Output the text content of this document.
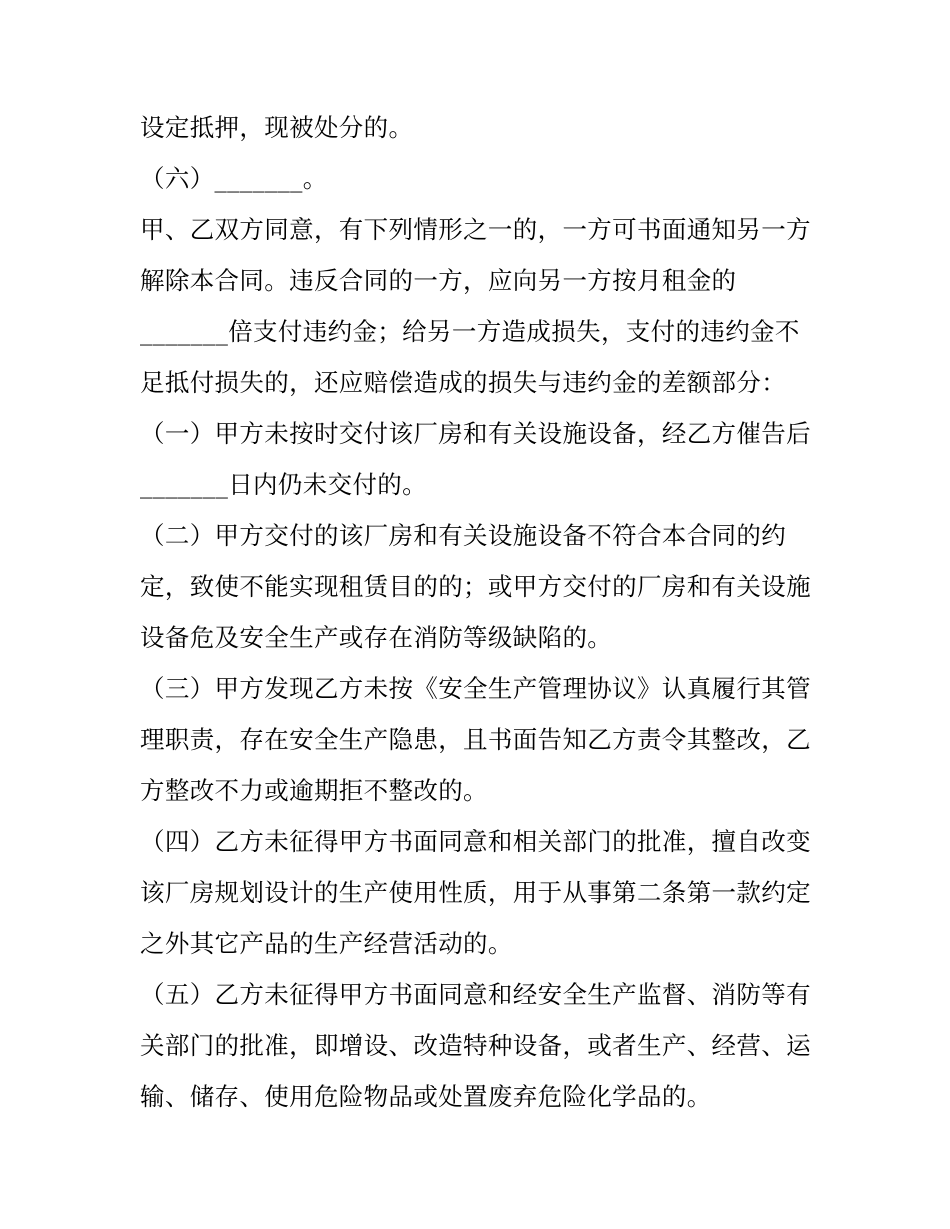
设定抵押，现被处分的。
（六）_______。
甲、乙双方同意，有下列情形之一的，一方可书面通知另一方
解除本合同。违反合同的一方，应向另一方按月租金的
_______倍支付违约金；给另一方造成损失，支付的违约金不
足抵付损失的，还应赔偿造成的损失与违约金的差额部分：
（一）甲方未按时交付该厂房和有关设施设备，经乙方催告后
_______日内仍未交付的。
（二）甲方交付的该厂房和有关设施设备不符合本合同的约
定，致使不能实现租赁目的的；或甲方交付的厂房和有关设施
设备危及安全生产或存在消防等级缺陷的。
（三）甲方发现乙方未按《安全生产管理协议》认真履行其管
理职责，存在安全生产隐患，且书面告知乙方责令其整改，乙
方整改不力或逾期拒不整改的。
（四）乙方未征得甲方书面同意和相关部门的批准，擅自改变
该厂房规划设计的生产使用性质，用于从事第二条第一款约定
之外其它产品的生产经营活动的。
（五）乙方未征得甲方书面同意和经安全生产监督、消防等有
关部门的批准，即增设、改造特种设备，或者生产、经营、运
输、储存、使用危险物品或处置废弃危险化学品的。
